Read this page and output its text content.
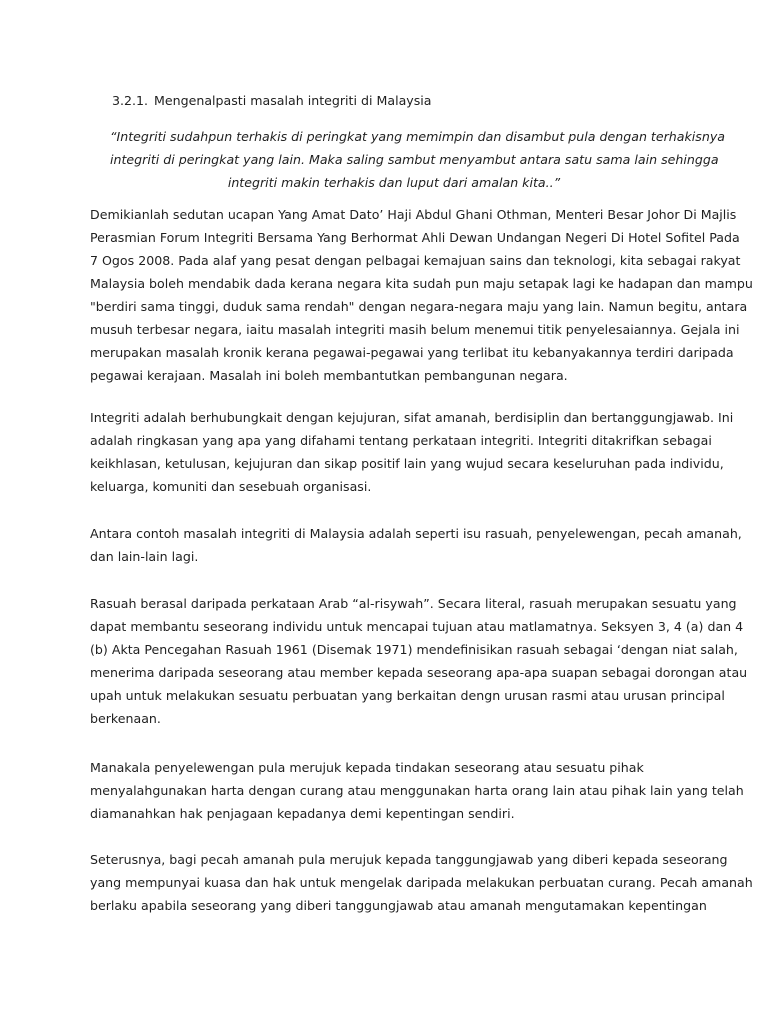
3.2.1. Mengenalpasti masalah integriti di Malaysia
“Integriti sudahpun terhakis di peringkat yang memimpin dan disambut pula dengan terhakisnya
integriti di peringkat yang lain. Maka saling sambut menyambut antara satu sama lain sehingga
integriti makin terhakis dan luput dari amalan kita..”

Demikianlah sedutan ucapan Yang Amat Dato’ Haji Abdul Ghani Othman, Menteri Besar Johor Di Majlis
Perasmian Forum Integriti Bersama Yang Berhormat Ahli Dewan Undangan Negeri Di Hotel Sofitel Pada
7 Ogos 2008. Pada alaf yang pesat dengan pelbagai kemajuan sains dan teknologi, kita sebagai rakyat
Malaysia boleh mendabik dada kerana negara kita sudah pun maju setapak lagi ke hadapan dan mampu
"berdiri sama tinggi, duduk sama rendah" dengan negara-negara maju yang lain. Namun begitu, antara
musuh terbesar negara, iaitu masalah integriti masih belum menemui titik penyelesaiannya. Gejala ini
merupakan masalah kronik kerana pegawai-pegawai yang terlibat itu kebanyakannya terdiri daripada
pegawai kerajaan. Masalah ini boleh membantutkan pembangunan negara.

Integriti adalah berhubungkait dengan kejujuran, sifat amanah, berdisiplin dan bertanggungjawab. Ini
adalah ringkasan yang apa yang difahami tentang perkataan integriti. Integriti ditakrifkan sebagai
keikhlasan, ketulusan, kejujuran dan sikap positif lain yang wujud secara keseluruhan pada individu,
keluarga, komuniti dan sesebuah organisasi.

Antara contoh masalah integriti di Malaysia adalah seperti isu rasuah, penyelewengan, pecah amanah,
dan lain-lain lagi.

Rasuah berasal daripada perkataan Arab “al-risywah”. Secara literal, rasuah merupakan sesuatu yang
dapat membantu seseorang individu untuk mencapai tujuan atau matlamatnya. Seksyen 3, 4 (a) dan 4
(b) Akta Pencegahan Rasuah 1961 (Disemak 1971) mendefinisikan rasuah sebagai ‘dengan niat salah,
menerima daripada seseorang atau member kepada seseorang apa-apa suapan sebagai dorongan atau
upah untuk melakukan sesuatu perbuatan yang berkaitan dengn urusan rasmi atau urusan principal
berkenaan.

Manakala penyelewengan pula merujuk kepada tindakan seseorang atau sesuatu pihak
menyalahgunakan harta dengan curang atau menggunakan harta orang lain atau pihak lain yang telah
diamanahkan hak penjagaan kepadanya demi kepentingan sendiri.

Seterusnya, bagi pecah amanah pula merujuk kepada tanggungjawab yang diberi kepada seseorang
yang mempunyai kuasa dan hak untuk mengelak daripada melakukan perbuatan curang. Pecah amanah
berlaku apabila seseorang yang diberi tanggungjawab atau amanah mengutamakan kepentingan
